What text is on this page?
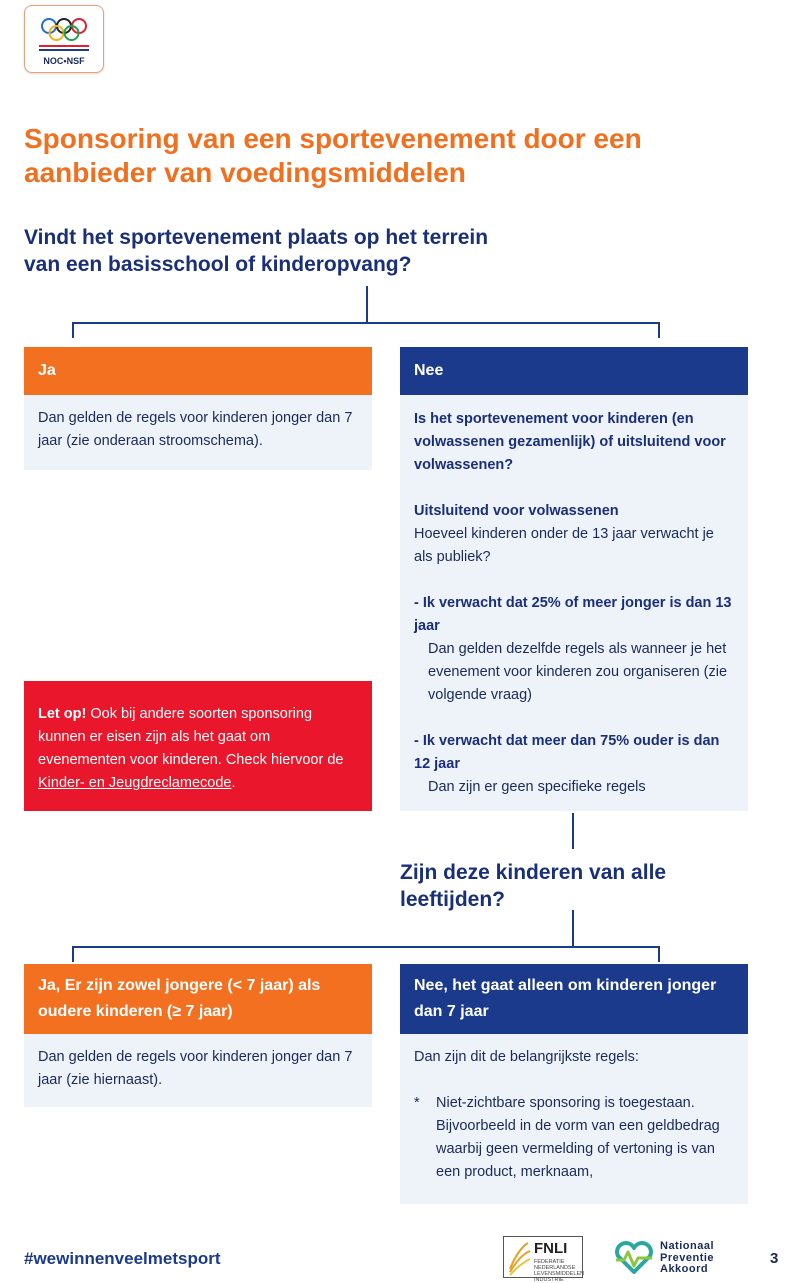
NOC•NSF
Sponsoring van een sportevenement door een aanbieder van voedingsmiddelen

Vindt het sportevenement plaats op het terrein van een basisschool of kinderopvang?

Ja

Dan gelden de regels voor kinderen jonger dan 7 jaar (zie onderaan stroomschema).

Nee

Is het sportevenement voor kinderen (en volwassenen gezamenlijk) of uitsluitend voor volwassenen?

Uitsluitend voor volwassenen

Hoeveel kinderen onder de 13 jaar verwacht je als publiek?

- Ik verwacht dat 25% of meer jonger is dan 13 jaar

Dan gelden dezelfde regels als wanneer je het evenement voor kinderen zou organiseren (zie volgende vraag)

- Ik verwacht dat meer dan 75% ouder is dan 12 jaar

Dan zijn er geen specifieke regels

Let op! Ook bij andere soorten sponsoring kunnen er eisen zijn als het gaat om evenementen voor kinderen. Check hiervoor de Kinder- en Jeugdreclamecode.

Zijn deze kinderen van alle leeftijden?

Ja, Er zijn zowel jongere (< 7 jaar) als oudere kinderen (≥ 7 jaar)

Dan gelden de regels voor kinderen jonger dan 7 jaar (zie hiernaast).

Nee, het gaat alleen om kinderen jonger dan 7 jaar

Dan zijn dit de belangrijkste regels:

* Niet-zichtbare sponsoring is toegestaan. Bijvoorbeeld in de vorm van een geldbedrag waarbij geen vermelding of vertoning is van een product, merknaam,
#wewinnenveelmetsport
FNLI
FEDERATIE NEDERLANDSE LEVENSMIDDELEN INDUSTRIE
Nationaal
Preventie
Akkoord
3
